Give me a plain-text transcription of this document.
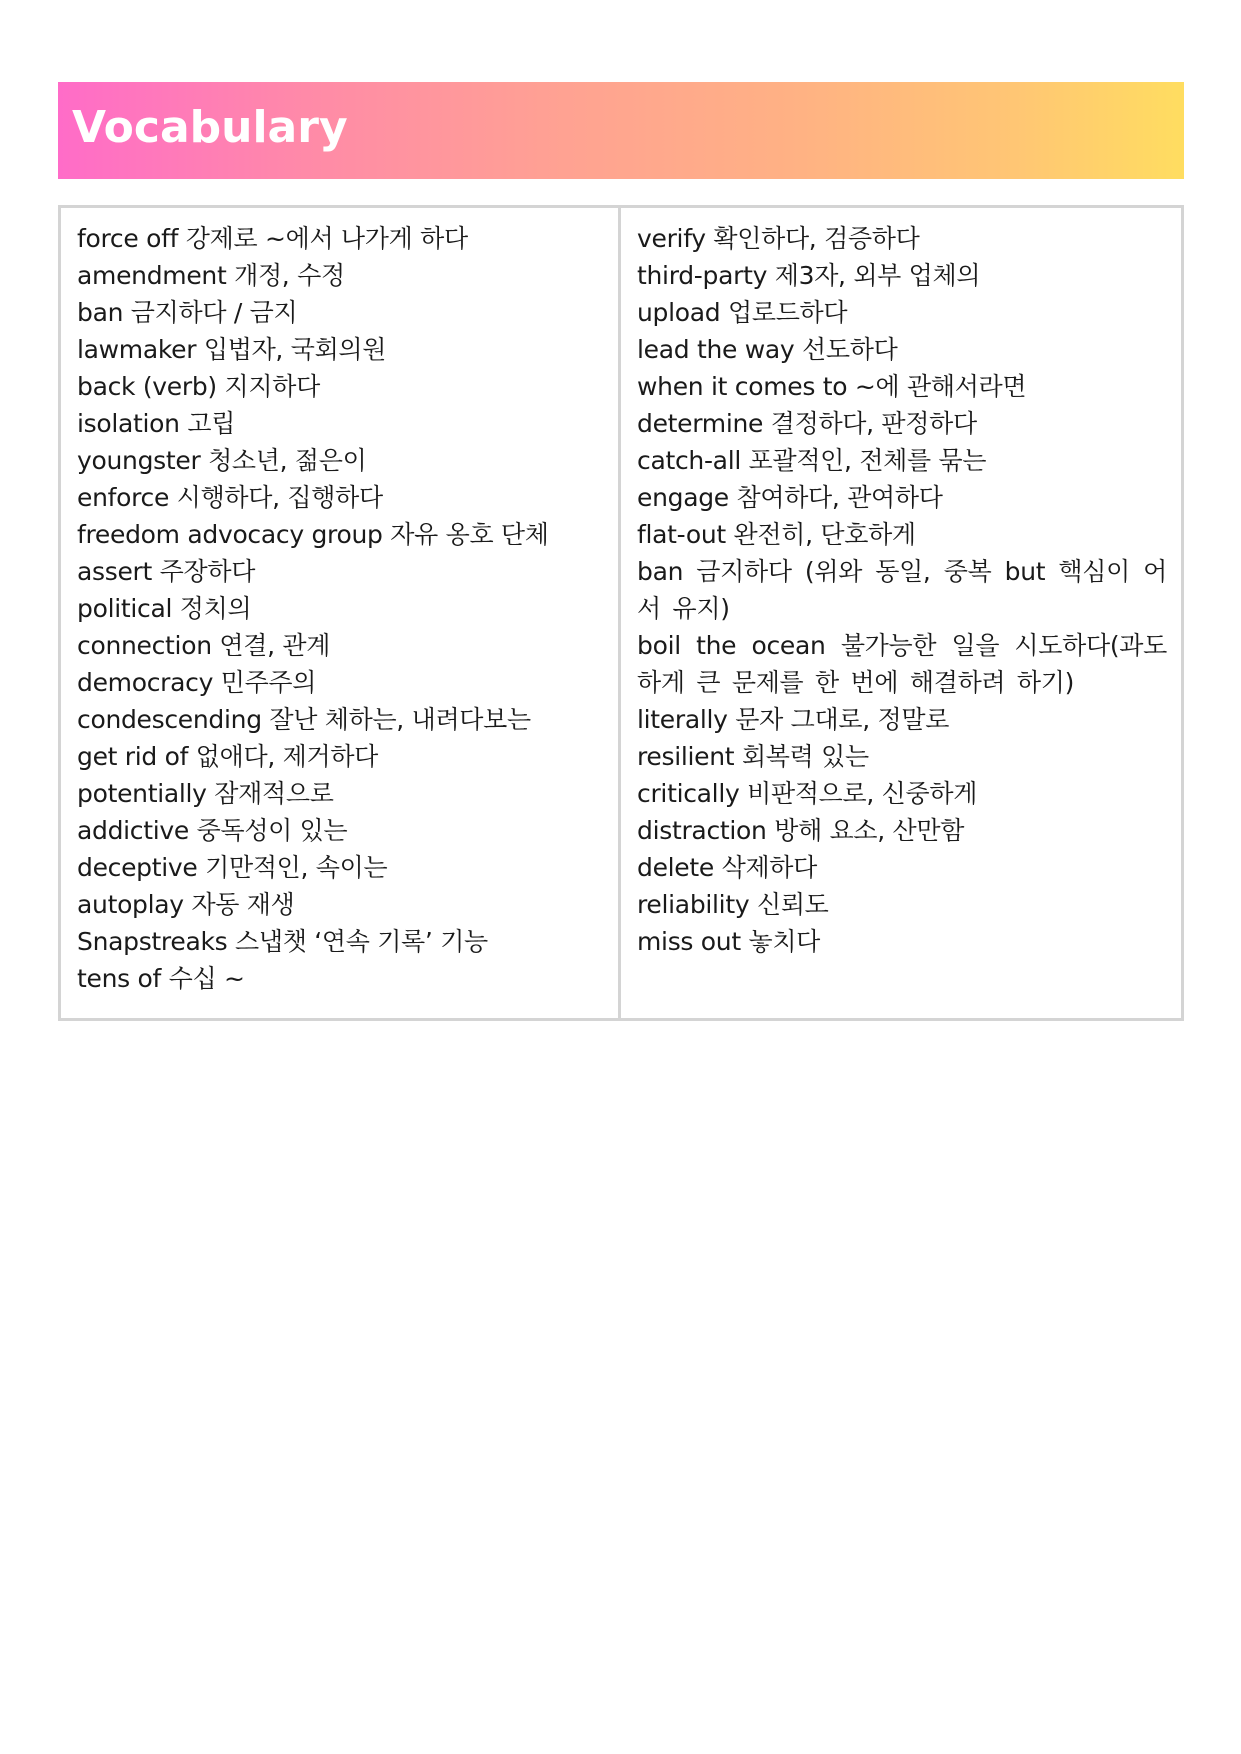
Vocabulary
force off 강제로 ~에서 나가게 하다
amendment 개정, 수정
ban 금지하다 / 금지
lawmaker 입법자, 국회의원
back (verb) 지지하다
isolation 고립
youngster 청소년, 젊은이
enforce 시행하다, 집행하다
freedom advocacy group 자유 옹호 단체
assert 주장하다
political 정치의
connection 연결, 관계
democracy 민주주의
condescending 잘난 체하는, 내려다보는
get rid of 없애다, 제거하다
potentially 잠재적으로
addictive 중독성이 있는
deceptive 기만적인, 속이는
autoplay 자동 재생
Snapstreaks 스냅챗 ‘연속 기록’ 기능
tens of 수십 ~
verify 확인하다, 검증하다
third-party 제3자, 외부 업체의
upload 업로드하다
lead the way 선도하다
when it comes to ~에 관해서라면
determine 결정하다, 판정하다
catch-all 포괄적인, 전체를 묶는
engage 참여하다, 관여하다
flat-out 완전히, 단호하게
ban 금지하다 (위와 동일, 중복 but 핵심이 어서 유지)
boil the ocean 불가능한 일을 시도하다(과도하게 큰 문제를 한 번에 해결하려 하기)
literally 문자 그대로, 정말로
resilient 회복력 있는
critically 비판적으로, 신중하게
distraction 방해 요소, 산만함
delete 삭제하다
reliability 신뢰도
miss out 놓치다
